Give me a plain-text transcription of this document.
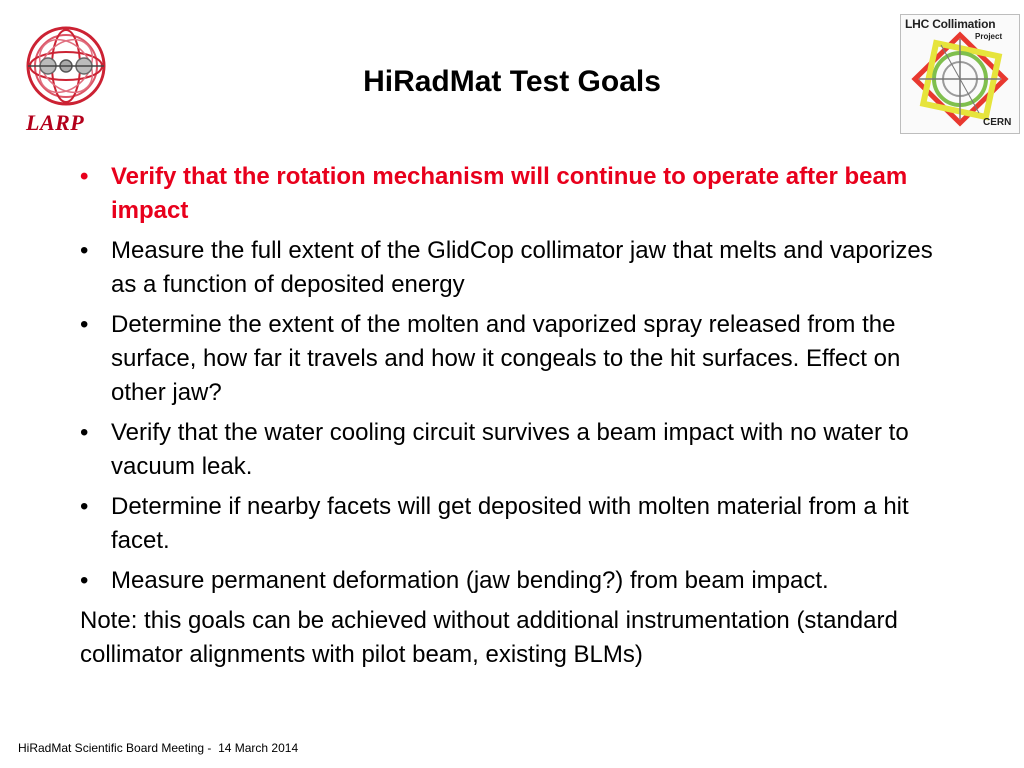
LARP
HiRadMat Test Goals
LHC Collimation
Project
CERN
• Verify that the rotation mechanism will continue to operate after beam impact
• Measure the full extent of the GlidCop collimator jaw that melts and vaporizes as a function of deposited energy
• Determine the extent of the molten and vaporized spray released from the surface, how far it travels and how it congeals to the hit surfaces. Effect on other jaw?
• Verify that the water cooling circuit survives a beam impact with no water to vacuum leak.
• Determine if nearby facets will get deposited with molten material from a hit facet.
• Measure permanent deformation (jaw bending?) from beam impact.
Note: this goals can be achieved without additional instrumentation (standard collimator alignments with pilot beam, existing BLMs)
HiRadMat Scientific Board Meeting -  14 March 2014
